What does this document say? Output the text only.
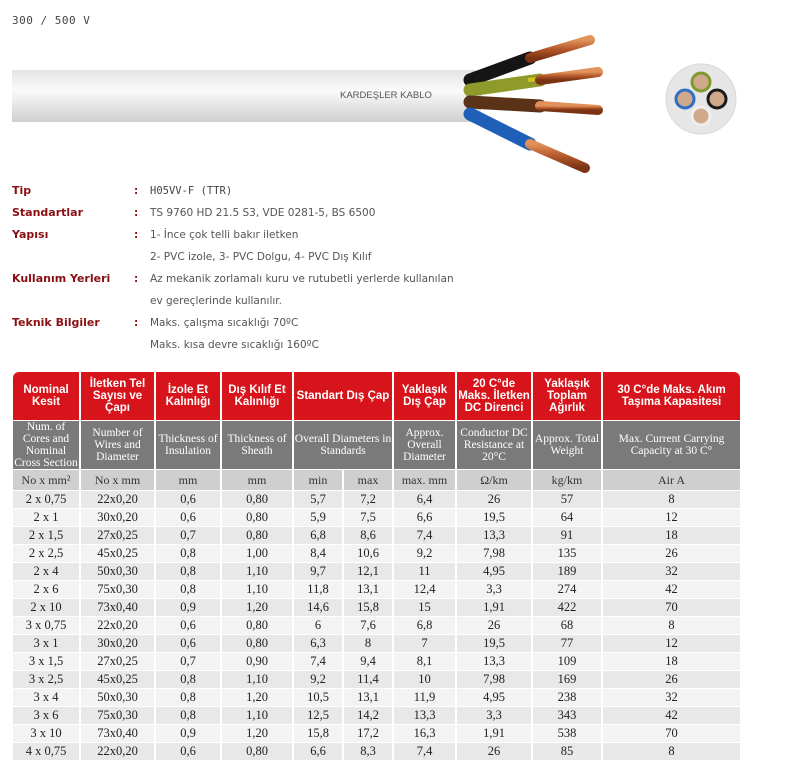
300 / 500 V
KARDEŞLER KABLO
Tip	: H05VV-F (TTR)
Standartlar	: TS 9760 HD 21.5 S3, VDE 0281-5, BS 6500
Yapısı	: 1- İnce çok telli bakır iletken
2- PVC izole, 3- PVC Dolgu, 4- PVC Dış Kılıf
Kullanım Yerleri : Az mekanik zorlamalı kuru ve rutubetli yerlerde kullanılan
ev gereçlerinde kullanılır.
Teknik Bilgiler	: Maks. çalışma sıcaklığı 70ºC
Maks. kısa devre sıcaklığı 160ºC
Nominal Kesit	İletken Tel Sayısı ve Çapı	İzole Et Kalınlığı	Dış Kılıf Et Kalınlığı	Standart Dış Çap		Yaklaşık Dış Çap	20 C°de Maks. İletken DC Direnci	Yaklaşık Toplam Ağırlık	30 C°de Maks. Akım Taşıma Kapasitesi
Num. of Cores and Nominal Cross Section	Number of Wires and Diameter	Thickness of Insulation	Thickness of Sheath	Overall Diameters in Standards		Approx. Overall Diameter	Conductor DC Resistance at 20°C	Approx. Total Weight	Max. Current Carrying Capacity at 30 C°
No x mm²	No x mm	mm	mm	min	max	max. mm	Ω/km	kg/km	Air A
2 x 0,75	22x0,20	0,6	0,80	5,7	7,2	6,4	26	57	8
2 x 1	30x0,20	0,6	0,80	5,9	7,5	6,6	19,5	64	12
2 x 1,5	27x0,25	0,7	0,80	6,8	8,6	7,4	13,3	91	18
2 x 2,5	45x0,25	0,8	1,00	8,4	10,6	9,2	7,98	135	26
2 x 4	50x0,30	0,8	1,10	9,7	12,1	11	4,95	189	32
2 x 6	75x0,30	0,8	1,10	11,8	13,1	12,4	3,3	274	42
2 x 10	73x0,40	0,9	1,20	14,6	15,8	15	1,91	422	70
3 x 0,75	22x0,20	0,6	0,80	6	7,6	6,8	26	68	8
3 x 1	30x0,20	0,6	0,80	6,3	8	7	19,5	77	12
3 x 1,5	27x0,25	0,7	0,90	7,4	9,4	8,1	13,3	109	18
3 x 2,5	45x0,25	0,8	1,10	9,2	11,4	10	7,98	169	26
3 x 4	50x0,30	0,8	1,20	10,5	13,1	11,9	4,95	238	32
3 x 6	75x0,30	0,8	1,10	12,5	14,2	13,3	3,3	343	42
3 x 10	73x0,40	0,9	1,20	15,8	17,2	16,3	1,91	538	70
4 x 0,75	22x0,20	0,6	0,80	6,6	8,3	7,4	26	85	8
